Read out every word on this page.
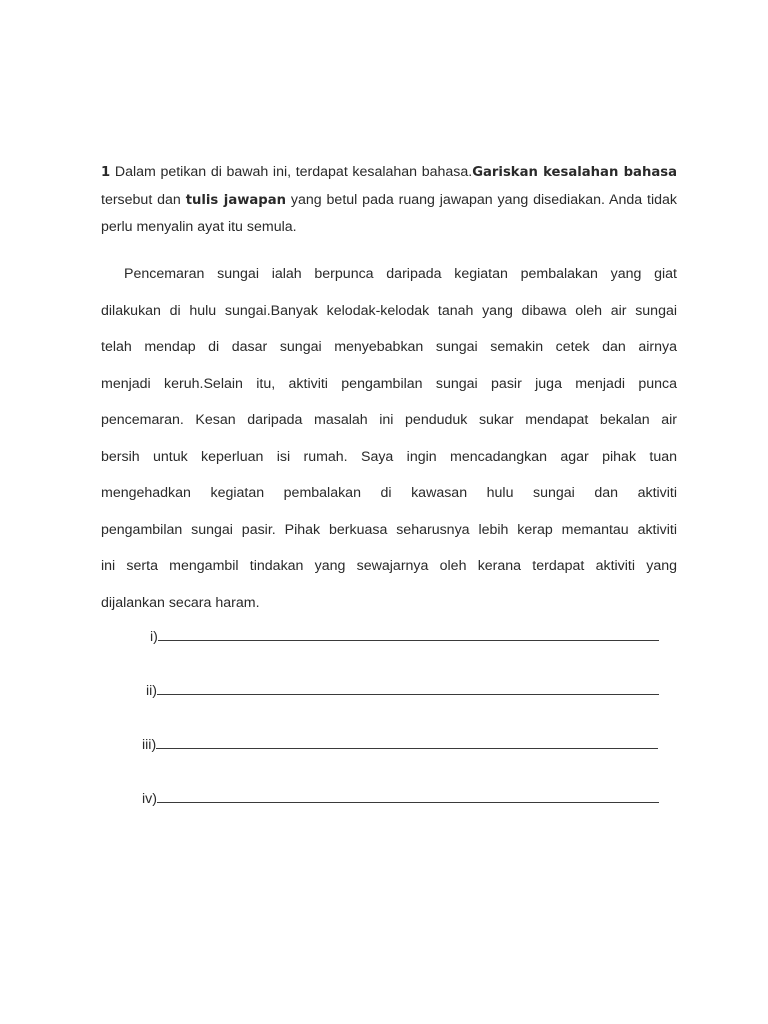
1 Dalam petikan di bawah ini, terdapat kesalahan bahasa.Gariskan kesalahan bahasa tersebut dan tulis jawapan yang betul pada ruang jawapan yang disediakan. Anda tidak perlu menyalin ayat itu semula.

Pencemaran sungai ialah berpunca daripada kegiatan pembalakan yang giat
dilakukan di hulu sungai.Banyak kelodak-kelodak tanah yang dibawa oleh air sungai
telah mendap di dasar sungai menyebabkan sungai semakin cetek dan airnya
menjadi keruh.Selain itu, aktiviti pengambilan sungai pasir juga menjadi punca
pencemaran. Kesan daripada masalah ini penduduk sukar mendapat bekalan air
bersih untuk keperluan isi rumah. Saya ingin mencadangkan agar pihak tuan
mengehadkan kegiatan pembalakan di kawasan hulu sungai dan aktiviti
pengambilan sungai pasir. Pihak berkuasa seharusnya lebih kerap memantau aktiviti
ini serta mengambil tindakan yang sewajarnya oleh kerana terdapat aktiviti yang
dijalankan secara haram.
i)
ii)
iii)
iv)
